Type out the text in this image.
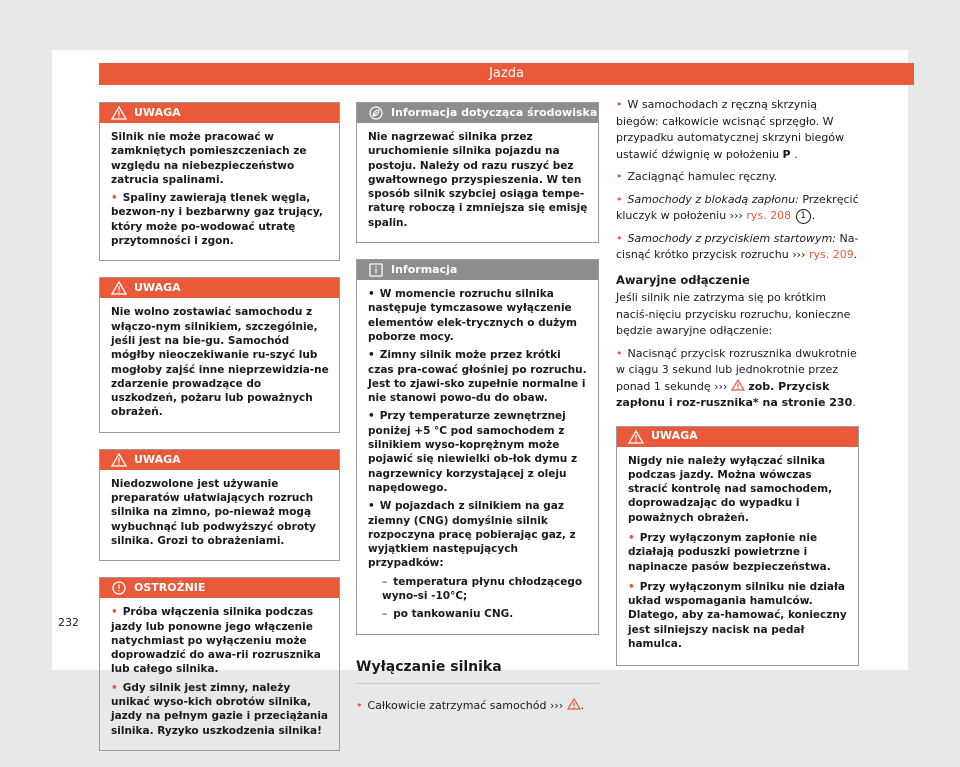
Jazda
UWAGA

Silnik nie może pracować w zamkniętych pomieszczeniach ze względu na niebezpieczeństwo zatrucia spalinami.

• Spaliny zawierają tlenek węgla, bezwon-ny i bezbarwny gaz trujący, który może po-wodować utratę przytomności i zgon.

UWAGA

Nie wolno zostawiać samochodu z włączo-nym silnikiem, szczególnie, jeśli jest na bie-gu. Samochód mógłby nieoczekiwanie ru-szyć lub mogłoby zajść inne nieprzewidzia-ne zdarzenie prowadzące do uszkodzeń, pożaru lub poważnych obrażeń.

UWAGA

Niedozwolone jest używanie preparatów ułatwiających rozruch silnika na zimno, po-nieważ mogą wybuchnąć lub podwyższyć obroty silnika. Grozi to obrażeniami.

OSTROŻNIE

• Próba włączenia silnika podczas jazdy lub ponowne jego włączenie natychmiast po wyłączeniu może doprowadzić do awa-rii rozrusznika lub całego silnika.

• Gdy silnik jest zimny, należy unikać wyso-kich obrotów silnika, jazdy na pełnym gazie i przeciążania silnika. Ryzyko uszkodzenia silnika!

Informacja dotycząca środowiska

Nie nagrzewać silnika przez uruchomienie silnika pojazdu na postoju. Należy od razu ruszyć bez gwałtownego przyspieszenia. W ten sposób silnik szybciej osiąga tempe-raturę roboczą i zmniejsza się emisję spalin.

Informacja

• W momencie rozruchu silnika następuje tymczasowe wyłączenie elementów elek-trycznych o dużym poborze mocy.

• Zimny silnik może przez krótki czas pra-cować głośniej po rozruchu. Jest to zjawi-sko zupełnie normalne i nie stanowi powo-du do obaw.

• Przy temperaturze zewnętrznej poniżej +5 °C pod samochodem z silnikiem wyso-koprężnym może pojawić się niewielki ob-łok dymu z nagrzewnicy korzystającej z oleju napędowego.

• W pojazdach z silnikiem na gaz ziemny (CNG) domyślnie silnik rozpoczyna pracę pobierając gaz, z wyjątkiem następujących przypadków:

– temperatura płynu chłodzącego wyno-si -10°C;

– po tankowaniu CNG.

Wyłączanie silnika

• Całkowicie zatrzymać samochód ››› .

• W samochodach z ręczną skrzynią biegów: całkowicie wcisnąć sprzęgło. W przypadku automatycznej skrzyni biegów ustawić dźwignię w położeniu P .

• Zaciągnąć hamulec ręczny.

• Samochody z blokadą zapłonu: Przekręcić kluczyk w położeniu ››› rys. 208 1 .

• Samochody z przyciskiem startowym: Na-cisnąć krótko przycisk rozruchu ››› rys. 209.

Awaryjne odłączenie

Jeśli silnik nie zatrzyma się po krótkim naciś-nięciu przycisku rozruchu, konieczne będzie awaryjne odłączenie:

• Nacisnąć przycisk rozrusznika dwukrotnie w ciągu 3 sekund lub jednokrotnie przez ponad 1 sekundę ››› zob. Przycisk zapłonu i roz-rusznika* na stronie 230.

UWAGA

Nigdy nie należy wyłączać silnika podczas jazdy. Można wówczas stracić kontrolę nad samochodem, doprowadzając do wypadku i poważnych obrażeń.

• Przy wyłączonym zapłonie nie działają poduszki powietrzne i napinacze pasów bezpieczeństwa.

• Przy wyłączonym silniku nie działa układ wspomagania hamulców. Dlatego, aby za-hamować, konieczny jest silniejszy nacisk na pedał hamulca.

232
